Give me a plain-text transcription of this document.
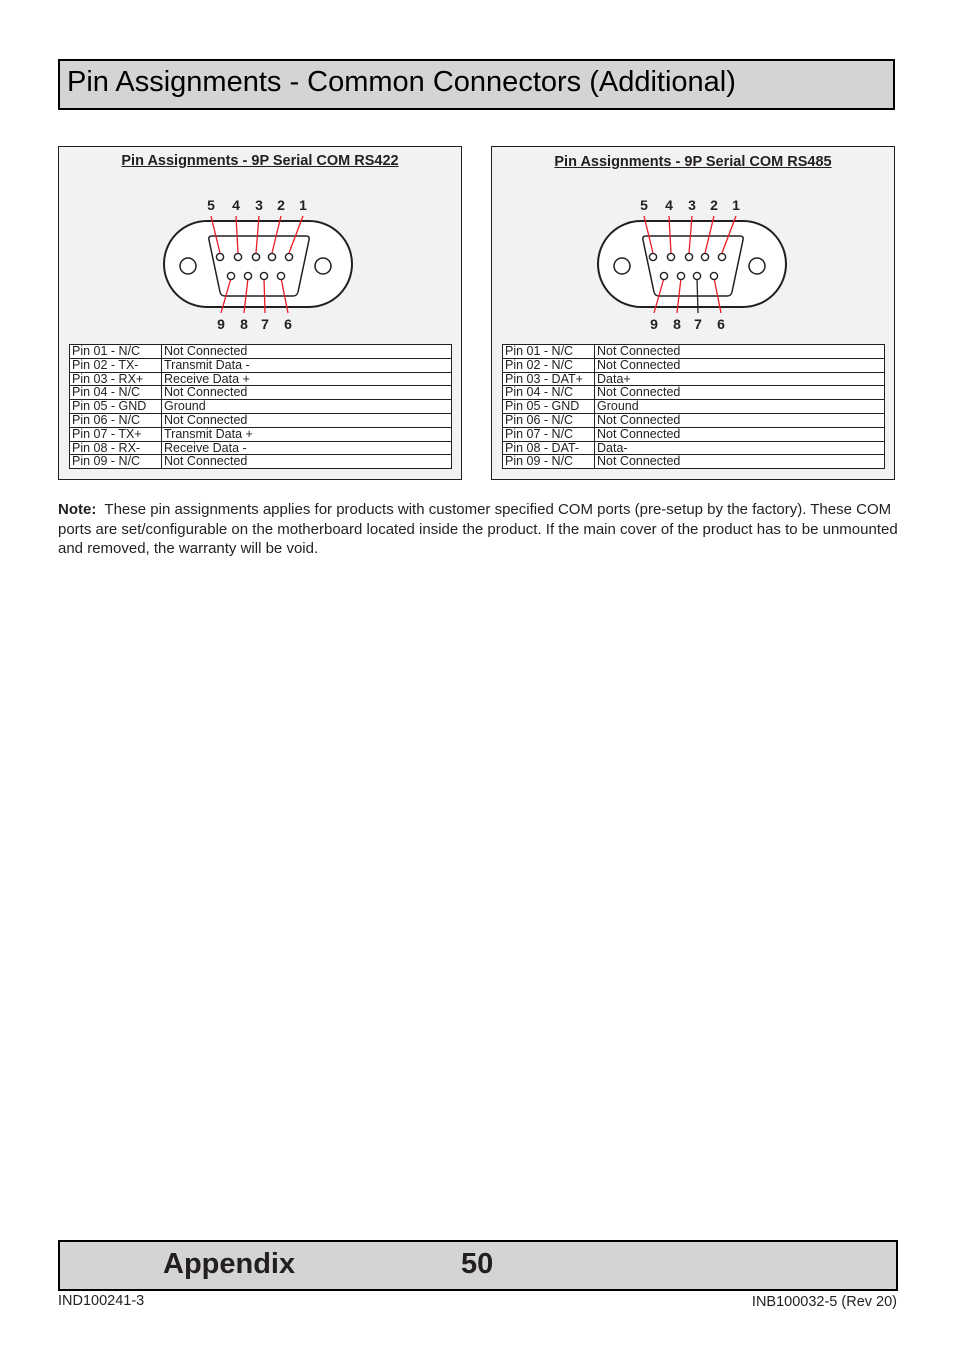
Pin Assignments - Common Connectors (Additional)
Pin Assignments - 9P Serial COM RS422
5 4 3 2 1
9 8 7 6
Pin 01 - N/C	Not Connected
Pin 02 - TX-	Transmit Data -
Pin 03 - RX+	Receive Data +
Pin 04 - N/C	Not Connected
Pin 05 - GND	Ground
Pin 06 - N/C	Not Connected
Pin 07 - TX+	Transmit Data +
Pin 08 - RX-	Receive Data -
Pin 09 - N/C	Not Connected
Pin Assignments - 9P Serial COM RS485
5 4 3 2 1
9 8 7 6
Pin 01 - N/C	Not Connected
Pin 02 - N/C	Not Connected
Pin 03 - DAT+	Data+
Pin 04 - N/C	Not Connected
Pin 05 - GND	Ground
Pin 06 - N/C	Not Connected
Pin 07 - N/C	Not Connected
Pin 08 - DAT-	Data-
Pin 09 - N/C	Not Connected
Note: These pin assignments applies for products with customer specified COM ports (pre-setup by the factory). These COM ports are set/configurable on the motherboard located inside the product. If the main cover of the product has to be unmounted and removed, the warranty will be void.
Appendix	50
IND100241-3	INB100032-5 (Rev 20)
